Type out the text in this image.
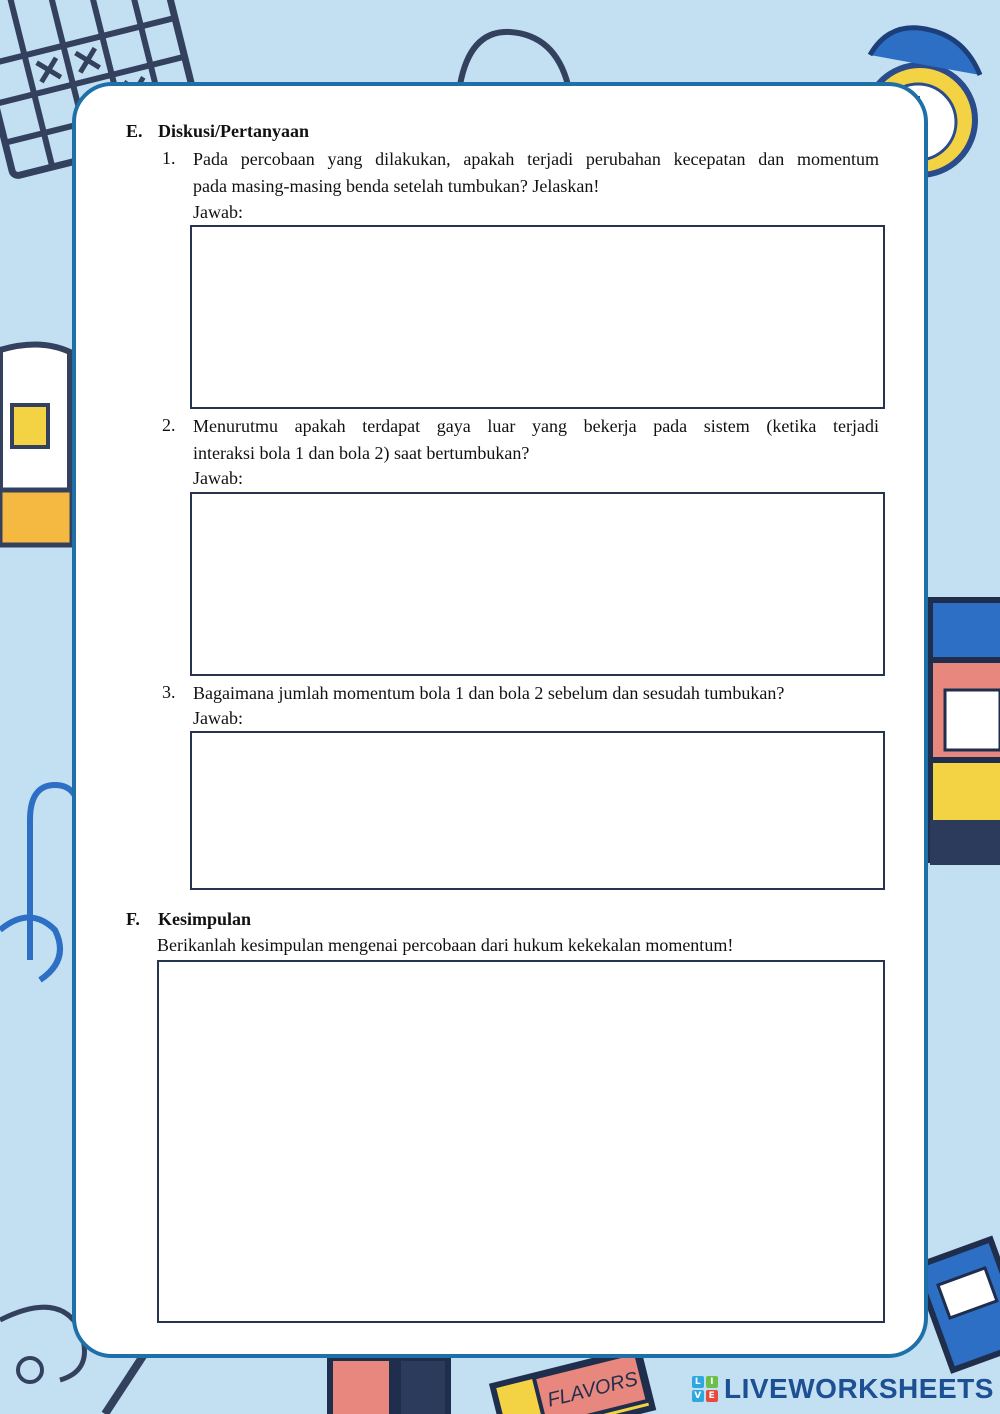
FLAVORS
E. Diskusi/Pertanyaan
1. Pada percobaan yang dilakukan, apakah terjadi perubahan kecepatan dan momentum
pada masing-masing benda setelah tumbukan? Jelaskan!
Jawab:
2. Menurutmu apakah terdapat gaya luar yang bekerja pada sistem (ketika terjadi
interaksi bola 1 dan bola 2) saat bertumbukan?
Jawab:
3. Bagaimana jumlah momentum bola 1 dan bola 2 sebelum dan sesudah tumbukan?
Jawab:
F. Kesimpulan
Berikanlah kesimpulan mengenai percobaan dari hukum kekekalan momentum!
L I
V E LIVEWORKSHEETS
